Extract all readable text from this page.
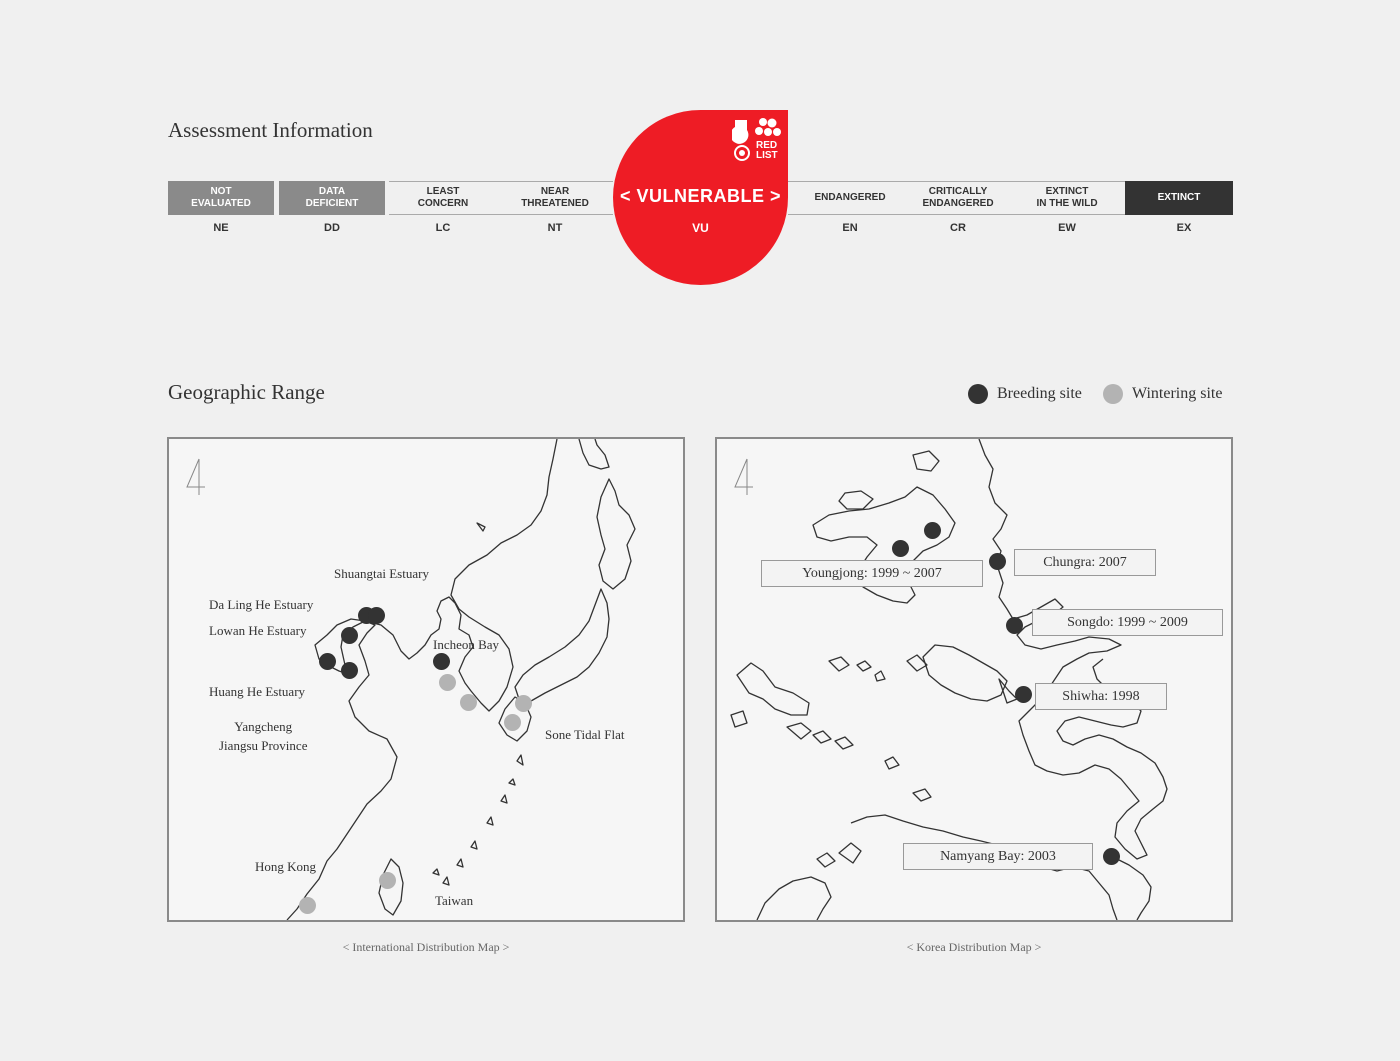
Assessment Information
NOT
EVALUATED
DATA
DEFICIENT
LEAST
CONCERN
NEAR
THREATENED
ENDANGERED
CRITICALLY
ENDANGERED
EXTINCT
IN THE WILD
EXTINCT
NE	DD	LC	NT	EN	CR	EW	EX
RED
LIST
< VULNERABLE >
VU
Geographic Range	Breeding site	Wintering site
Shuangtai Estuary
Da Ling He Estuary
Lowan He Estuary
Incheon Bay
Huang He Estuary
Yangcheng
Jiangsu Province
Sone Tidal Flat
Hong Kong
Taiwan
< International Distribution Map >
Youngjong: 1999 ~ 2007
Chungra: 2007
Songdo: 1999 ~ 2009
Shiwha: 1998
Namyang Bay: 2003
< Korea Distribution Map >
